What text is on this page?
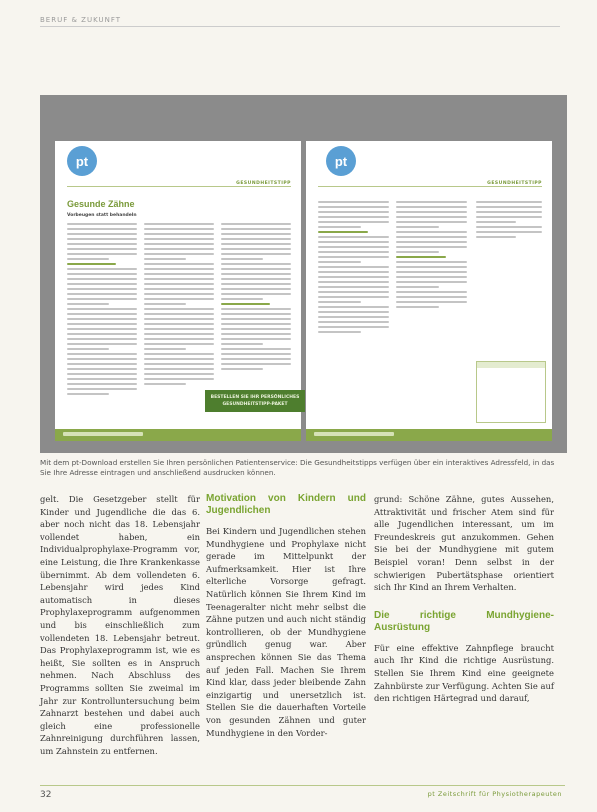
BERUF & ZUKUNFT
pt
GESUNDHEITSTIPP
Gesunde Zähne
Vorbeugen statt behandeln
pt
GESUNDHEITSTIPP
BESTELLEN SIE IHR PERSÖNLICHES
GESUNDHEITSTIPP-PAKET
Mit dem pt-Download erstellen Sie Ihren persönlichen Patientenservice: Die Gesundheitstipps verfügen über ein interaktives Adressfeld, in das Sie Ihre Adresse eintragen und anschließend ausdrucken können.

gelt. Die Gesetzgeber stellt für Kinder und Jugendliche die das 6. aber noch nicht das 18. Lebensjahr vollendet haben, ein Individualprophylaxe-Programm vor, eine Leistung, die Ihre Krankenkasse übernimmt. Ab dem vollendeten 6. Lebensjahr wird jedes Kind automatisch in dieses Prophylaxeprogramm aufgenommen und bis einschließlich zum vollendeten 18. Lebensjahr betreut. Das Prophylaxeprogramm ist, wie es heißt, Sie sollten es in Anspruch nehmen. Nach Abschluss des Programms sollten Sie zweimal im Jahr zur Kontrolluntersuchung beim Zahnarzt bestehen und dabei auch gleich eine professionelle Zahnreinigung durchführen lassen, um Zahnstein zu entfernen.

Motivation von Kindern und Jugendlichen

Bei Kindern und Jugendlichen stehen Mundhygiene und Prophylaxe nicht gerade im Mittelpunkt der Aufmerksamkeit. Hier ist Ihre elterliche Vorsorge gefragt. Natürlich können Sie Ihrem Kind im Teenageralter nicht mehr selbst die Zähne putzen und auch nicht ständig kontrollieren, ob der Mundhygiene gründlich genug war. Aber ansprechen können Sie das Thema auf jeden Fall. Machen Sie Ihrem Kind klar, dass jeder bleibende Zahn einzigartig und unersetzlich ist. Stellen Sie die dauerhaften Vorteile von gesunden Zähnen und guter Mundhygiene in den Vorder-

grund: Schöne Zähne, gutes Aussehen, Attraktivität und frischer Atem sind für alle Jugendlichen interessant, um im Freundeskreis gut anzukommen. Gehen Sie bei der Mundhygiene mit gutem Beispiel voran! Denn selbst in der schwierigen Pubertätsphase orientiert sich Ihr Kind an Ihrem Verhalten.

Die richtige Mundhygiene-Ausrüstung

Für eine effektive Zahnpflege braucht auch Ihr Kind die richtige Ausrüstung. Stellen Sie Ihrem Kind eine geeignete Zahnbürste zur Verfügung. Achten Sie auf den richtigen Härtegrad und darauf,

32	pt Zeitschrift für Physiotherapeuten
